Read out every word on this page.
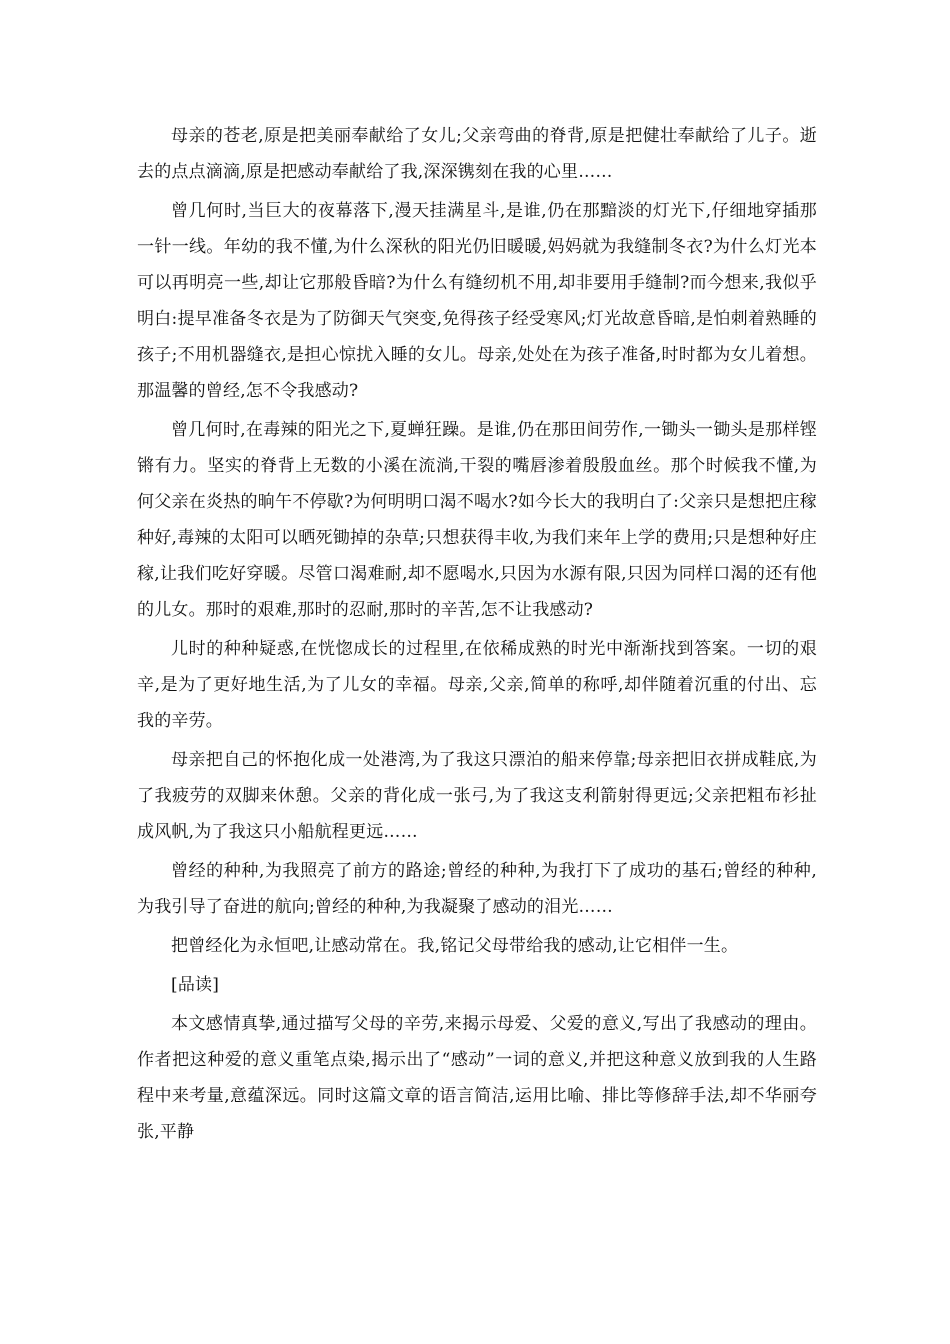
母亲的苍老,原是把美丽奉献给了女儿;父亲弯曲的脊背,原是把健壮奉献给了儿子。逝去的点点滴滴,原是把感动奉献给了我,深深镌刻在我的心里……

曾几何时,当巨大的夜幕落下,漫天挂满星斗,是谁,仍在那黯淡的灯光下,仔细地穿插那一针一线。年幼的我不懂,为什么深秋的阳光仍旧暖暖,妈妈就为我缝制冬衣?为什么灯光本可以再明亮一些,却让它那般昏暗?为什么有缝纫机不用,却非要用手缝制?而今想来,我似乎明白:提早准备冬衣是为了防御天气突变,免得孩子经受寒风;灯光故意昏暗,是怕刺着熟睡的孩子;不用机器缝衣,是担心惊扰入睡的女儿。母亲,处处在为孩子准备,时时都为女儿着想。那温馨的曾经,怎不令我感动?

曾几何时,在毒辣的阳光之下,夏蝉狂躁。是谁,仍在那田间劳作,一锄头一锄头是那样铿锵有力。坚实的脊背上无数的小溪在流淌,干裂的嘴唇渗着殷殷血丝。那个时候我不懂,为何父亲在炎热的晌午不停歇?为何明明口渴不喝水?如今长大的我明白了:父亲只是想把庄稼种好,毒辣的太阳可以晒死锄掉的杂草;只想获得丰收,为我们来年上学的费用;只是想种好庄稼,让我们吃好穿暖。尽管口渴难耐,却不愿喝水,只因为水源有限,只因为同样口渴的还有他的儿女。那时的艰难,那时的忍耐,那时的辛苦,怎不让我感动?

儿时的种种疑惑,在恍惚成长的过程里,在依稀成熟的时光中渐渐找到答案。一切的艰辛,是为了更好地生活,为了儿女的幸福。母亲,父亲,简单的称呼,却伴随着沉重的付出、忘我的辛劳。

母亲把自己的怀抱化成一处港湾,为了我这只漂泊的船来停靠;母亲把旧衣拼成鞋底,为了我疲劳的双脚来休憩。父亲的背化成一张弓,为了我这支利箭射得更远;父亲把粗布衫扯成风帆,为了我这只小船航程更远……

曾经的种种,为我照亮了前方的路途;曾经的种种,为我打下了成功的基石;曾经的种种,为我引导了奋进的航向;曾经的种种,为我凝聚了感动的泪光……

把曾经化为永恒吧,让感动常在。我,铭记父母带给我的感动,让它相伴一生。

[品读]

本文感情真挚,通过描写父母的辛劳,来揭示母爱、父爱的意义,写出了我感动的理由。作者把这种爱的意义重笔点染,揭示出了“感动”一词的意义,并把这种意义放到我的人生路程中来考量,意蕴深远。同时这篇文章的语言简洁,运用比喻、排比等修辞手法,却不华丽夸张,平静
